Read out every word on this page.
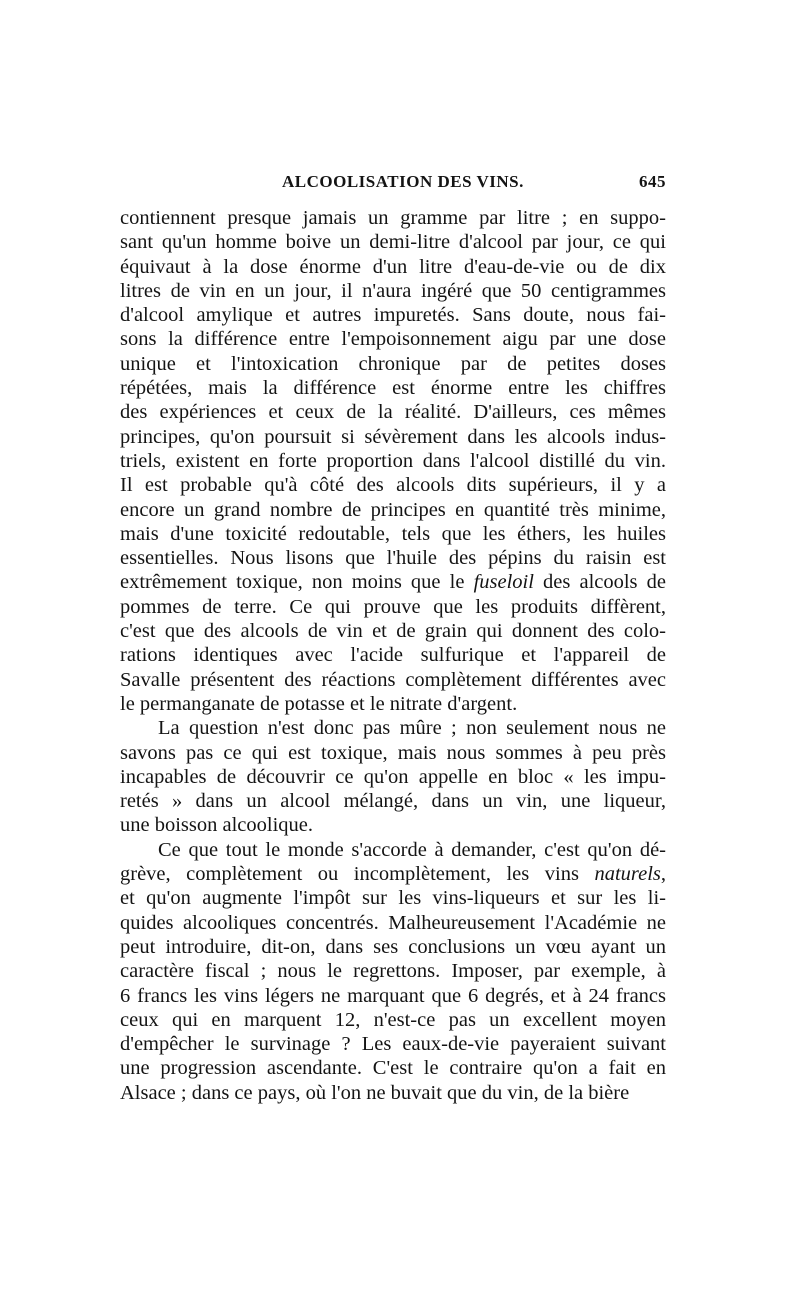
ALCOOLISATION DES VINS.	645
contiennent presque jamais un gramme par litre ; en suppo-
sant qu'un homme boive un demi-litre d'alcool par jour, ce qui
équivaut à la dose énorme d'un litre d'eau-de-vie ou de dix
litres de vin en un jour, il n'aura ingéré que 50 centigrammes
d'alcool amylique et autres impuretés. Sans doute, nous fai-
sons la différence entre l'empoisonnement aigu par une dose
unique et l'intoxication chronique par de petites doses
répétées, mais la différence est énorme entre les chiffres
des expériences et ceux de la réalité. D'ailleurs, ces mêmes
principes, qu'on poursuit si sévèrement dans les alcools indus-
triels, existent en forte proportion dans l'alcool distillé du vin.
Il est probable qu'à côté des alcools dits supérieurs, il y a
encore un grand nombre de principes en quantité très minime,
mais d'une toxicité redoutable, tels que les éthers, les huiles
essentielles. Nous lisons que l'huile des pépins du raisin est
extrêmement toxique, non moins que le fuseloil des alcools de
pommes de terre. Ce qui prouve que les produits diffèrent,
c'est que des alcools de vin et de grain qui donnent des colo-
rations identiques avec l'acide sulfurique et l'appareil de
Savalle présentent des réactions complètement différentes avec
le permanganate de potasse et le nitrate d'argent.
La question n'est donc pas mûre ; non seulement nous ne
savons pas ce qui est toxique, mais nous sommes à peu près
incapables de découvrir ce qu'on appelle en bloc « les impu-
retés » dans un alcool mélangé, dans un vin, une liqueur,
une boisson alcoolique.
Ce que tout le monde s'accorde à demander, c'est qu'on dé-
grève, complètement ou incomplètement, les vins naturels,
et qu'on augmente l'impôt sur les vins-liqueurs et sur les li-
quides alcooliques concentrés. Malheureusement l'Académie ne
peut introduire, dit-on, dans ses conclusions un vœu ayant un
caractère fiscal ; nous le regrettons. Imposer, par exemple, à
6 francs les vins légers ne marquant que 6 degrés, et à 24 francs
ceux qui en marquent 12, n'est-ce pas un excellent moyen
d'empêcher le survinage ? Les eaux-de-vie payeraient suivant
une progression ascendante. C'est le contraire qu'on a fait en
Alsace ; dans ce pays, où l'on ne buvait que du vin, de la bière
